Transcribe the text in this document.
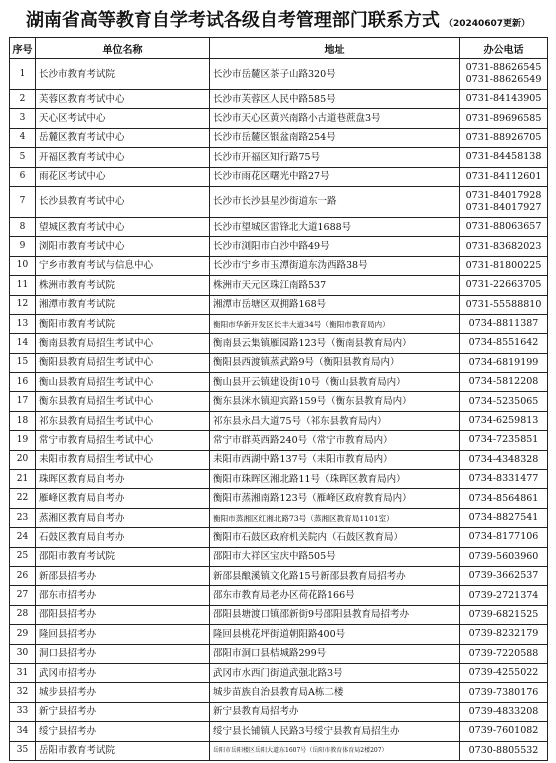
湖南省高等教育自学考试各级自考管理部门联系方式 （20240607更新）
序号	单位名称	地址	办公电话
1	长沙市教育考试院	长沙市岳麓区茶子山路320号	0731-88626545
0731-88626549

2	芙蓉区教育考试中心	长沙市芙蓉区人民中路585号	0731-84143905

3	天心区考试中心	长沙市天心区黄兴南路小古道巷蔗盘3号	0731-89696585

4	岳麓区教育考试中心	长沙市岳麓区银盆南路254号	0731-88926705

5	开福区教育考试中心	长沙市开福区知行路75号	0731-84458138

6	雨花区考试中心	长沙市雨花区曙光中路27号	0731-84112601

7	长沙县教育考试中心	长沙市长沙县星沙街道东一路	0731-84017928
0731-84017927

8	望城区教育考试中心	长沙市望城区雷锋北大道1688号	0731-88063657

9	浏阳市教育考试中心	长沙市浏阳市白沙中路49号	0731-83682023

10	宁乡市教育考试与信息中心	长沙市宁乡市玉潭街道东沩西路38号	0731-81800225

11	株洲市教育考试院	株洲市天元区珠江南路537	0731-22663705

12	湘潭市教育考试院	湘潭市岳塘区双拥路168号	0731-55588810

13	衡阳市教育考试院	衡阳市华新开发区长丰大道34号（衡阳市教育局内）	0734-8811387

14	衡南县教育局招生考试中心	衡南县云集镇雁园路123号（衡南县教育局内）	0734-8551642

15	衡阳县教育局招生考试中心	衡阳县西渡镇蒸武路9号（衡阳县教育局内）	0734-6819199

16	衡山县教育局招生考试中心	衡山县开云镇建设街10号（衡山县教育局内）	0734-5812208

17	衡东县教育局招生考试中心	衡东县洣水镇迎宾路159号（衡东县教育局内）	0734-5235065

18	祁东县教育局招生考试中心	祁东县永昌大道75号（祁东县教育局内）	0734-6259813

19	常宁市教育局招生考试中心	常宁市群英西路240号（常宁市教育局内）	0734-7235851

20	耒阳市教育局招生考试中心	耒阳市西湖中路137号（耒阳市教育局内）	0734-4348328

21	珠晖区教育局自考办	衡阳市珠晖区湘北路11号（珠晖区教育局内）	0734-8331477

22	雁峰区教育局自考办	衡阳市蒸湘南路123号（雁峰区政府教育局内）	0734-8564861

23	蒸湘区教育局自考办	衡阳市蒸湘区红湘北路73号（蒸湘区教育局1101室）	0734-8827541

24	石鼓区教育局自考办	衡阳市石鼓区政府机关院内（石鼓区教育局）	0734-8177106

25	邵阳市教育考试院	邵阳市大祥区宝庆中路505号	0739-5603960

26	新邵县招考办	新邵县酿溪镇文化路15号新邵县教育局招考办	0739-3662537

27	邵东市招考办	邵东市教育局老办区荷花路166号	0739-2721374

28	邵阳县招考办	邵阳县塘渡口镇邵新街9号邵阳县教育局招考办	0739-6821525

29	隆回县招考办	隆回县桃花坪街道朝阳路400号	0739-8232179

30	洞口县招考办	邵阳市洞口县桔城路299号	0739-7220588

31	武冈市招考办	武冈市水西门街道武强北路3号	0739-4255022

32	城步县招考办	城步苗族自治县教育局A栋二楼	0739-7380176

33	新宁县招考办	新宁县教育局招考办	0739-4833208

34	绥宁县招考办	绥宁县长铺镇人民路3号绥宁县教育局招生办	0739-7601082

35	岳阳市教育考试院	岳阳市岳阳楼区岳阳大道东1607号（岳阳市教育体育局2楼207）	0730-8805532
